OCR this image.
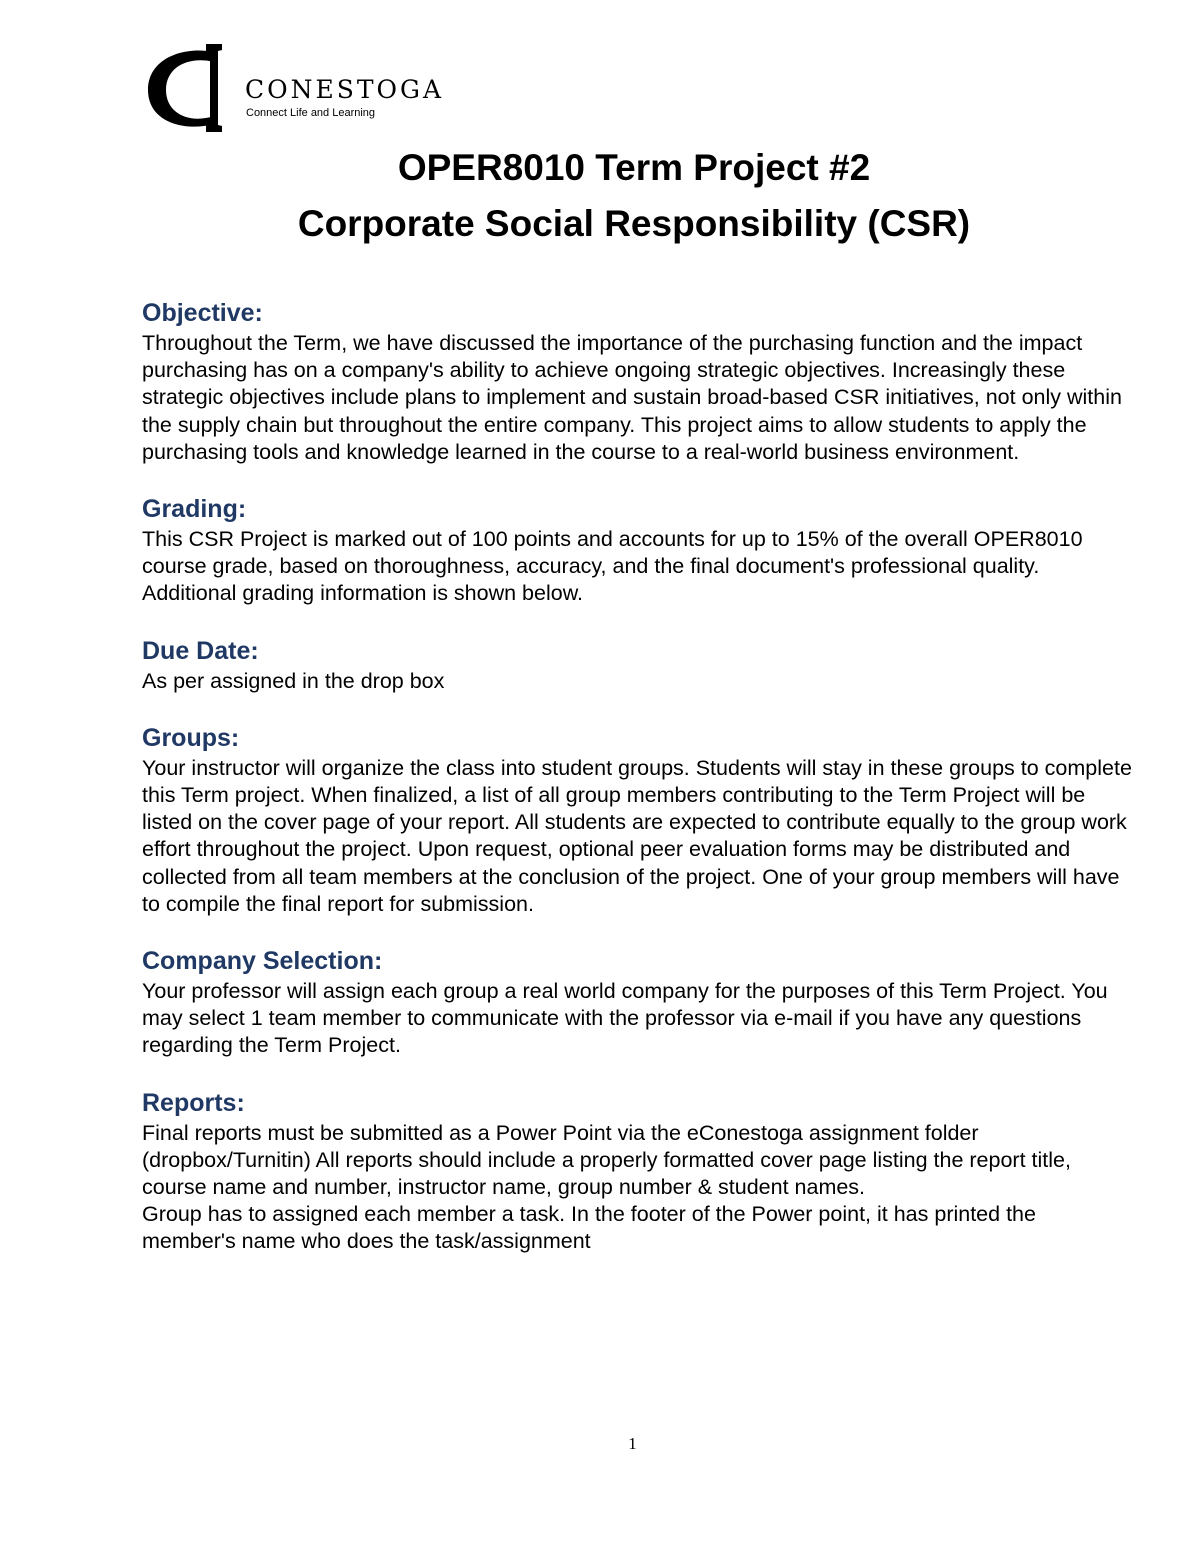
CONESTOGA
Connect Life and Learning
OPER8010 Term Project #2
Corporate Social Responsibility (CSR)
Objective:

Throughout the Term, we have discussed the importance of the purchasing function and the impact purchasing has on a company's ability to achieve ongoing strategic objectives. Increasingly these strategic objectives include plans to implement and sustain broad-based CSR initiatives, not only within the supply chain but throughout the entire company. This project aims to allow students to apply the purchasing tools and knowledge learned in the course to a real-world business environment.

Grading:

This CSR Project is marked out of 100 points and accounts for up to 15% of the overall OPER8010 course grade, based on thoroughness, accuracy, and the final document's professional quality. Additional grading information is shown below.

Due Date:

As per assigned in the drop box

Groups:

Your instructor will organize the class into student groups. Students will stay in these groups to complete this Term project. When finalized, a list of all group members contributing to the Term Project will be listed on the cover page of your report. All students are expected to contribute equally to the group work effort throughout the project. Upon request, optional peer evaluation forms may be distributed and collected from all team members at the conclusion of the project. One of your group members will have to compile the final report for submission.

Company Selection:

Your professor will assign each group a real world company for the purposes of this Term Project. You may select 1 team member to communicate with the professor via e-mail if you have any questions regarding the Term Project.

Reports:

Final reports must be submitted as a Power Point via the eConestoga assignment folder (dropbox/Turnitin) All reports should include a properly formatted cover page listing the report title, course name and number, instructor name, group number & student names.

Group has to assigned each member a task. In the footer of the Power point, it has printed the member's name who does the task/assignment

1
